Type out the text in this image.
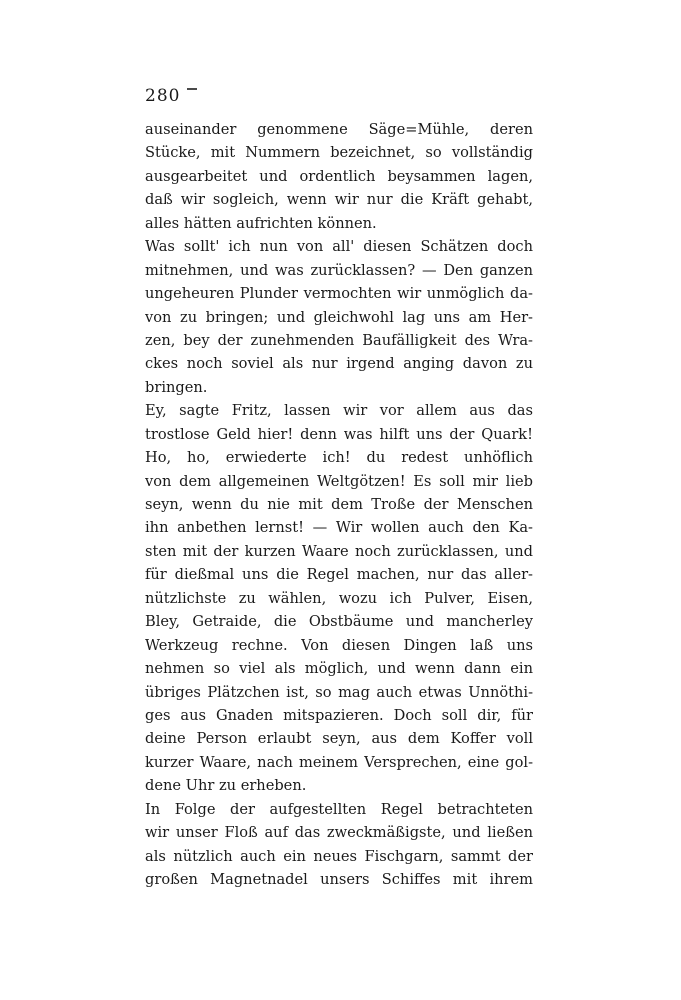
280
auseinander genommene Säge=Mühle, deren
Stücke, mit Nummern bezeichnet, so vollständig
ausgearbeitet und ordentlich beysammen lagen,
daß wir sogleich, wenn wir nur die Kräft gehabt,
alles hätten aufrichten können.
Was sollt' ich nun von all' diesen Schätzen doch
mitnehmen, und was zurücklassen? — Den ganzen
ungeheuren Plunder vermochten wir unmöglich da-
von zu bringen; und gleichwohl lag uns am Her-
zen, bey der zunehmenden Baufälligkeit des Wra-
ckes noch soviel als nur irgend anging davon zu
bringen.
Ey, sagte Fritz, lassen wir vor allem aus das
trostlose Geld hier! denn was hilft uns der Quark!
Ho, ho, erwiederte ich! du redest unhöflich
von dem allgemeinen Weltgötzen! Es soll mir lieb
seyn, wenn du nie mit dem Troße der Menschen
ihn anbethen lernst! — Wir wollen auch den Ka-
sten mit der kurzen Waare noch zurücklassen, und
für dießmal uns die Regel machen, nur das aller-
nützlichste zu wählen, wozu ich Pulver, Eisen,
Bley, Getraide, die Obstbäume und mancherley
Werkzeug rechne. Von diesen Dingen laß uns
nehmen so viel als möglich, und wenn dann ein
übriges Plätzchen ist, so mag auch etwas Unnöthi-
ges aus Gnaden mitspazieren. Doch soll dir, für
deine Person erlaubt seyn, aus dem Koffer voll
kurzer Waare, nach meinem Versprechen, eine gol-
dene Uhr zu erheben.
In Folge der aufgestellten Regel betrachteten
wir unser Floß auf das zweckmäßigste, und ließen
als nützlich auch ein neues Fischgarn, sammt der
großen Magnetnadel unsers Schiffes mit ihrem
